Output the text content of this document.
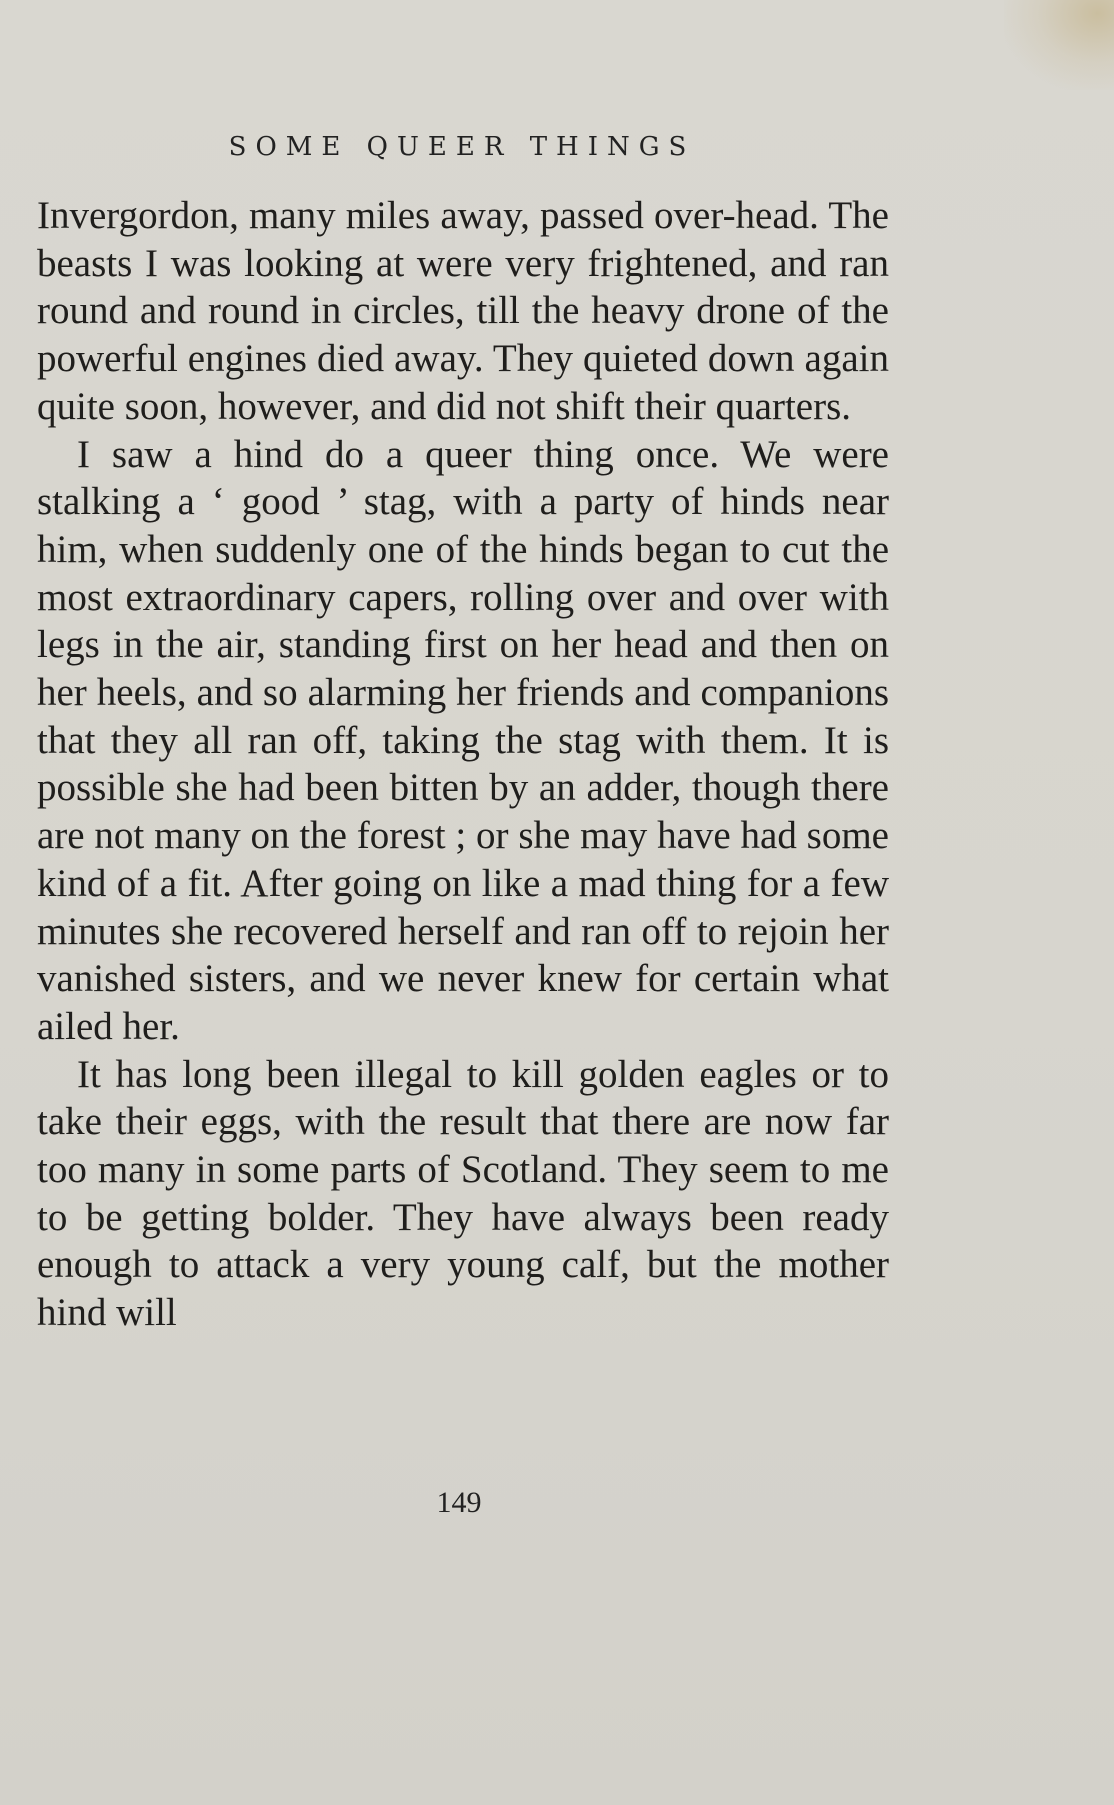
SOME QUEER THINGS

Invergordon, many miles away, passed over-head. The beasts I was looking at were very frightened, and ran round and round in circles, till the heavy drone of the powerful engines died away. They quieted down again quite soon, however, and did not shift their quarters.

I saw a hind do a queer thing once. We were stalking a ‘ good ’ stag, with a party of hinds near him, when suddenly one of the hinds began to cut the most extraordinary capers, rolling over and over with legs in the air, standing first on her head and then on her heels, and so alarming her friends and companions that they all ran off, taking the stag with them. It is possible she had been bitten by an adder, though there are not many on the forest ; or she may have had some kind of a fit. After going on like a mad thing for a few minutes she recovered herself and ran off to rejoin her vanished sisters, and we never knew for certain what ailed her.

It has long been illegal to kill golden eagles or to take their eggs, with the result that there are now far too many in some parts of Scotland. They seem to me to be getting bolder. They have always been ready enough to attack a very young calf, but the mother hind will

149
